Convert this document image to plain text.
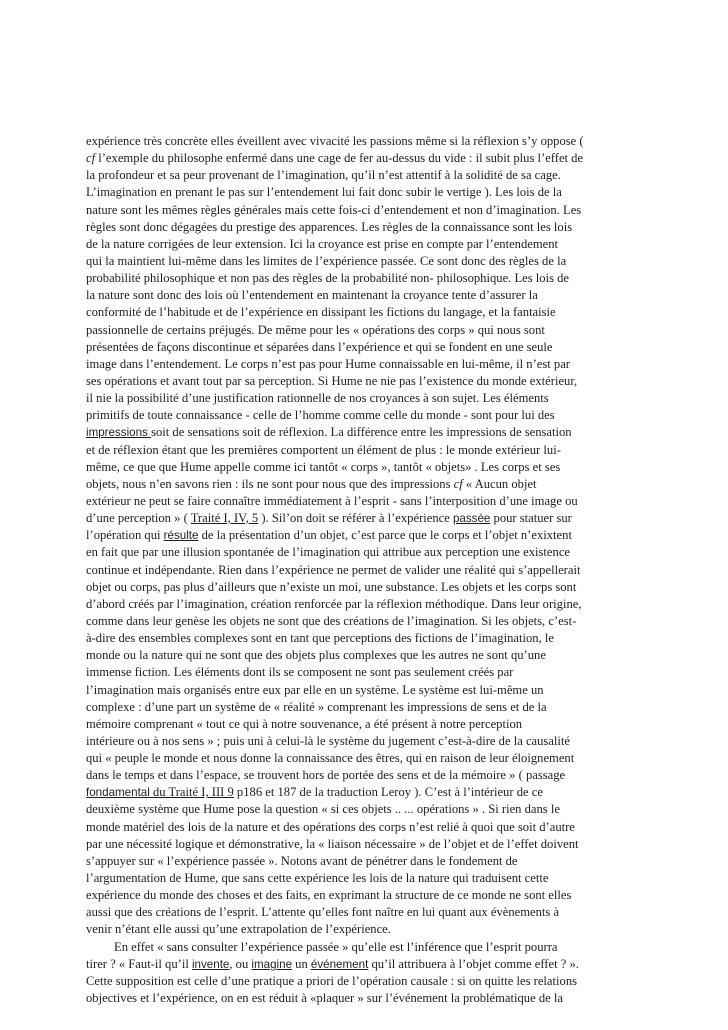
expérience très concrète elles éveillent avec vivacité les passions même si la réflexion s’y oppose (
cf l’exemple du philosophe enfermé dans une cage de fer au-dessus du vide : il subit plus l’effet de
la profondeur et sa peur provenant de l’imagination, qu’il n’est attentif à la solidité de sa cage.
L’imagination en prenant le pas sur l’entendement lui fait donc subir le vertige ). Les lois de la
nature sont les mêmes règles générales mais cette fois-ci d’entendement et non d’imagination. Les
règles sont donc dégagées du prestige des apparences. Les règles de la connaissance sont les lois
de la nature corrigées de leur extension. Ici la croyance est prise en compte par l’entendement
qui la maintient lui-même dans les limites de l’expérience passée. Ce sont donc des règles de la
probabilité philosophique et non pas des règles de la probabilité non- philosophique. Les lois de
la nature sont donc des lois où l’entendement en maintenant la croyance tente d’assurer la
conformité de l’habitude et de l’expérience en dissipant les fictions du langage, et la fantaisie
passionnelle de certains préjugés. De même pour les « opérations des corps » qui nous sont
présentées de façons discontinue et séparées dans l’expérience et qui se fondent en une seule
image dans l’entendement. Le corps n’est pas pour Hume connaissable en lui-même, il n’est par
ses opérations et avant tout par sa perception. Si Hume ne nie pas l’existence du monde extérieur,
il nie la possibilité d’une justification rationnelle de nos croyances à son sujet. Les éléments
primitifs de toute connaissance - celle de l’homme comme celle du monde - sont pour lui des
impressions soit de sensations soit de réflexion. La différence entre les impressions de sensation
et de réflexion étant que les premières comportent un élément de plus : le monde extérieur lui-
même, ce que que Hume appelle comme ici tantôt « corps », tantôt « objets» . Les corps et ses
objets, nous n’en savons rien : ils ne sont pour nous que des impressions cf « Aucun objet
extérieur ne peut se faire connaître immédiatement à l’esprit - sans l’interposition d’une image ou
d’une perception » ( Traité I, IV, 5 ). Sil’on doit se référer à l’expérience passée pour statuer sur
l’opération qui résulte de la présentation d’un objet, c’est parce que le corps et l’objet n’exixtent
en fait que par une illusion spontanée de l’imagination qui attribue aux perception une existence
continue et indépendante. Rien dans l’expérience ne permet de valider une réalité qui s’appellerait
objet ou corps, pas plus d’ailleurs que n’existe un moi, une substance. Les objets et les corps sont
d’abord créés par l’imagination, création renforcée par la réflexion méthodique. Dans leur origine,
comme dans leur genèse les objets ne sont que des créations de l’imagination. Si les objets, c’est-
à-dire des ensembles complexes sont en tant que perceptions des fictions de l’imagination, le
monde ou la nature qui ne sont que des objets plus complexes que les autres ne sont qu’une
immense fiction. Les éléments dont ils se composent ne sont pas seulement créés par
l’imagination mais organisés entre eux par elle en un système. Le système est lui-même un
complexe : d’une part un système de « réalité » comprenant les impressions de sens et de la
mémoire comprenant « tout ce qui à notre souvenance, a été présent à notre perception
intérieure ou à nos sens » ; puis uni à celui-là le système du jugement c’est-à-dire de la causalité
qui « peuple le monde et nous donne la connaissance des êtres, qui en raison de leur éloignement
dans le temps et dans l’espace, se trouvent hors de portée des sens et de la mémoire » ( passage
fondamental du Traité I, III 9 p186 et 187 de la traduction Leroy ). C’est à l’intérieur de ce
deuxième système que Hume pose la question « si ces objets .. ... opérations » . Si rien dans le
monde matériel des lois de la nature et des opérations des corps n’est relié à quoi que soit d’autre
par une nécessité logique et démonstrative, la « liaison nécessaire » de l’objet et de l’effet doivent
s’appuyer sur « l’expérience passée ». Notons avant de pénétrer dans le fondement de
l’argumentation de Hume, que sans cette expérience les lois de la nature qui traduisent cette
expérience du monde des choses et des faits, en exprimant la structure de ce monde ne sont elles
aussi que des créations de l’esprit. L’attente qu’elles font naître en lui quant aux évènements à
venir n’étant elle aussi qu’une extrapolation de l’expérience.
En effet « sans consulter l’expérience passée » qu’elle est l’inférence que l’esprit pourra
tirer ? « Faut-il qu’il invente, ou imagine un événement qu’il attribuera à l’objet comme effet ? ».
Cette supposition est celle d’une pratique a priori de l’opération causale : si on quitte les relations
objectives et l’expérience, on en est réduit à «plaquer » sur l’événement la problématique de la
